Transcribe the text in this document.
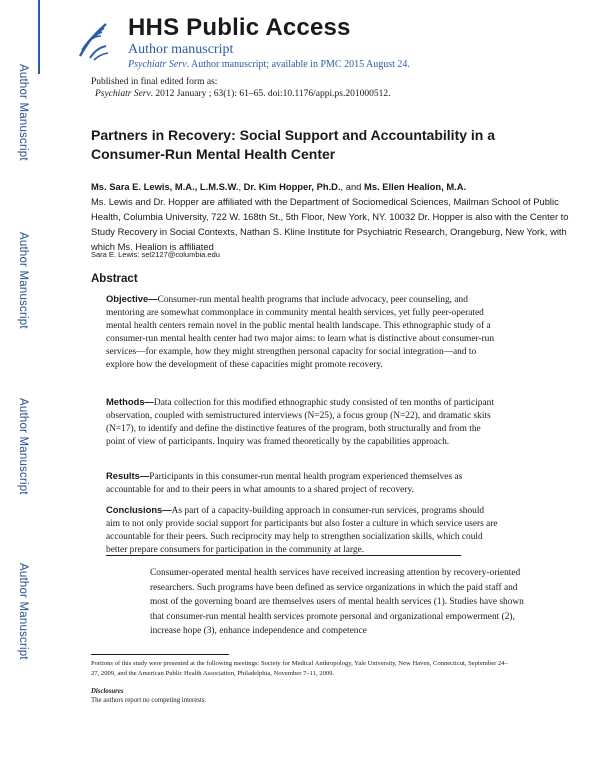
Author Manuscript
Author Manuscript
Author Manuscript
Author Manuscript
HHS Public Access
Author manuscript
Psychiatr Serv. Author manuscript; available in PMC 2015 August 24.
Published in final edited form as:
Psychiatr Serv. 2012 January ; 63(1): 61–65. doi:10.1176/appi.ps.201000512.
Partners in Recovery: Social Support and Accountability in a Consumer-Run Mental Health Center
Ms. Sara E. Lewis, M.A., L.M.S.W., Dr. Kim Hopper, Ph.D., and Ms. Ellen Healion, M.A.
Ms. Lewis and Dr. Hopper are affiliated with the Department of Sociomedical Sciences, Mailman School of Public Health, Columbia University, 722 W. 168th St., 5th Floor, New York, NY. 10032 Dr. Hopper is also with the Center to Study Recovery in Social Contexts, Nathan S. Kline Institute for Psychiatric Research, Orangeburg, New York, with which Ms. Healion is affiliated
Sara E. Lewis: sel2127@columbia.edu
Abstract
Objective—Consumer-run mental health programs that include advocacy, peer counseling, and mentoring are somewhat commonplace in community mental health services, yet fully peer-operated mental health centers remain novel in the public mental health landscape. This ethnographic study of a consumer-run mental health center had two major aims: to learn what is distinctive about consumer-run services—for example, how they might strengthen personal capacity for social integration—and to explore how the development of these capacities might promote recovery.
Methods—Data collection for this modified ethnographic study consisted of ten months of participant observation, coupled with semistructured interviews (N=25), a focus group (N=22), and dramatic skits (N=17), to identify and define the distinctive features of the program, both structurally and from the point of view of participants. Inquiry was framed theoretically by the capabilities approach.
Results—Participants in this consumer-run mental health program experienced themselves as accountable for and to their peers in what amounts to a shared project of recovery.
Conclusions—As part of a capacity-building approach in consumer-run services, programs should aim to not only provide social support for participants but also foster a culture in which service users are accountable for their peers. Such reciprocity may help to strengthen socialization skills, which could better prepare consumers for participation in the community at large.
Consumer-operated mental health services have received increasing attention by recovery-oriented researchers. Such programs have been defined as service organizations in which the paid staff and most of the governing board are themselves users of mental health services (1). Studies have shown that consumer-run mental health services promote personal and organizational empowerment (2), increase hope (3), enhance independence and competence
Portions of this study were presented at the following meetings: Society for Medical Anthropology, Yale University, New Haven, Connecticut, September 24–27, 2009, and the American Public Health Association, Philadelphia, November 7–11, 2009.
Disclosures
The authors report no competing interests.
